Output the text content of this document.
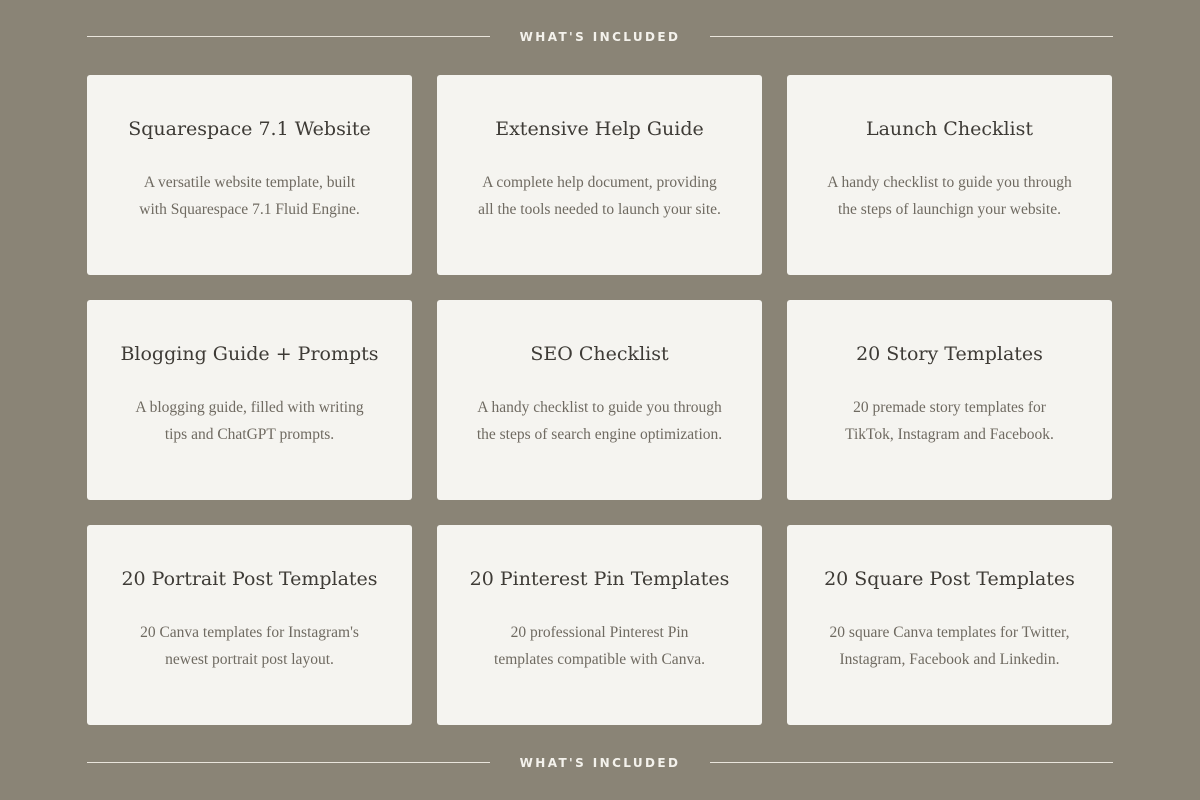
WHAT'S INCLUDED
Squarespace 7.1 Website
A versatile website template, built
with Squarespace 7.1 Fluid Engine.
Extensive Help Guide
A complete help document, providing
all the tools needed to launch your site.
Launch Checklist
A handy checklist to guide you through
the steps of launchign your website.
Blogging Guide + Prompts
A blogging guide, filled with writing
tips and ChatGPT prompts.
SEO Checklist
A handy checklist to guide you through
the steps of search engine optimization.
20 Story Templates
20 premade story templates for
TikTok, Instagram and Facebook.
20 Portrait Post Templates
20 Canva templates for Instagram's
newest portrait post layout.
20 Pinterest Pin Templates
20 professional Pinterest Pin
templates compatible with Canva.
20 Square Post Templates
20 square Canva templates for Twitter,
Instagram, Facebook and Linkedin.
WHAT'S INCLUDED
